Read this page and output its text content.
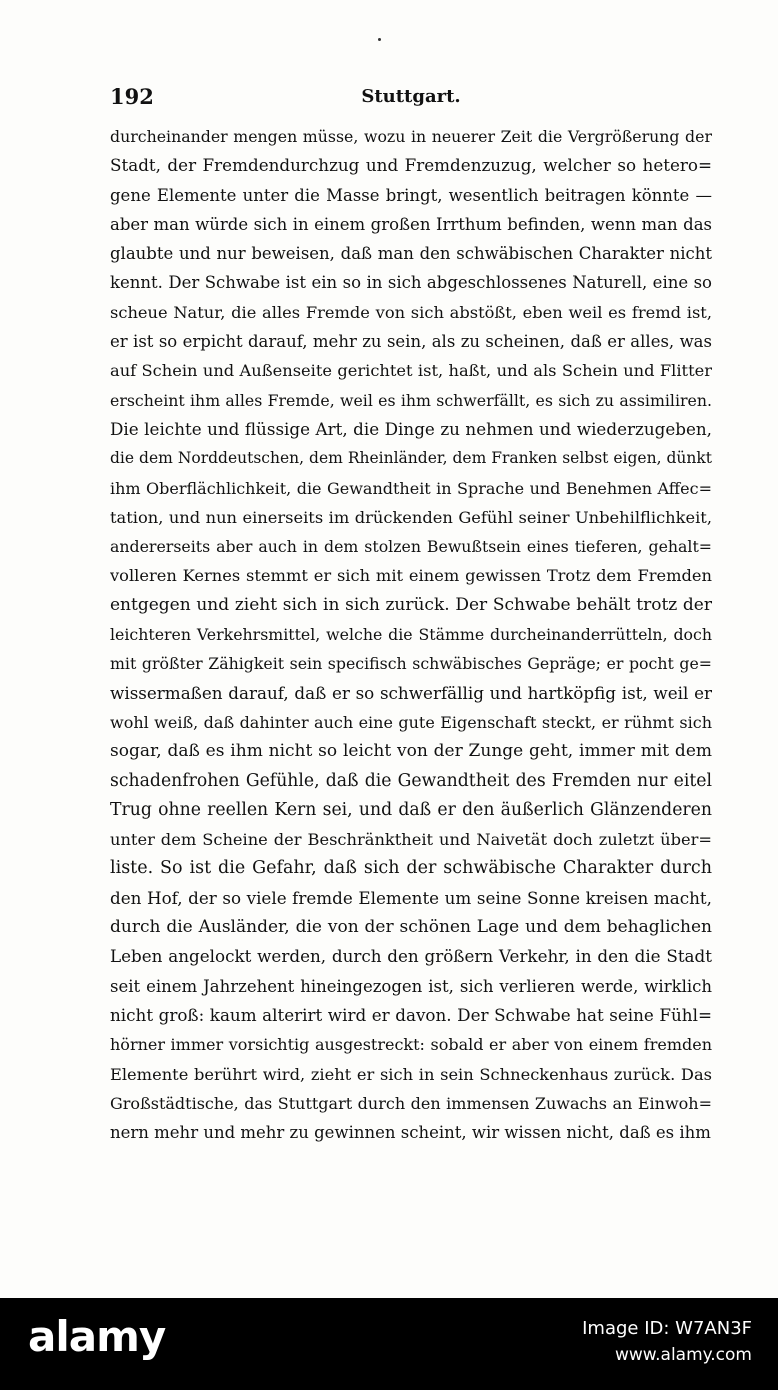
192	Stuttgart.
durcheinander mengen müsse, wozu in neuerer Zeit die Vergrößerung der
Stadt, der Fremdendurchzug und Fremdenzuzug, welcher so hetero=
gene Elemente unter die Masse bringt, wesentlich beitragen könnte —
aber man würde sich in einem großen Irrthum befinden, wenn man das
glaubte und nur beweisen, daß man den schwäbischen Charakter nicht
kennt. Der Schwabe ist ein so in sich abgeschlossenes Naturell, eine so
scheue Natur, die alles Fremde von sich abstößt, eben weil es fremd ist,
er ist so erpicht darauf, mehr zu sein, als zu scheinen, daß er alles, was
auf Schein und Außenseite gerichtet ist, haßt, und als Schein und Flitter
erscheint ihm alles Fremde, weil es ihm schwerfällt, es sich zu assimiliren.
Die leichte und flüssige Art, die Dinge zu nehmen und wiederzugeben,
die dem Norddeutschen, dem Rheinländer, dem Franken selbst eigen, dünkt
ihm Oberflächlichkeit, die Gewandtheit in Sprache und Benehmen Affec=
tation, und nun einerseits im drückenden Gefühl seiner Unbehilflichkeit,
andererseits aber auch in dem stolzen Bewußtsein eines tieferen, gehalt=
volleren Kernes stemmt er sich mit einem gewissen Trotz dem Fremden
entgegen und zieht sich in sich zurück. Der Schwabe behält trotz der
leichteren Verkehrsmittel, welche die Stämme durcheinanderrütteln, doch
mit größter Zähigkeit sein specifisch schwäbisches Gepräge; er pocht ge=
wissermaßen darauf, daß er so schwerfällig und hartköpfig ist, weil er
wohl weiß, daß dahinter auch eine gute Eigenschaft steckt, er rühmt sich
sogar, daß es ihm nicht so leicht von der Zunge geht, immer mit dem
schadenfrohen Gefühle, daß die Gewandtheit des Fremden nur eitel
Trug ohne reellen Kern sei, und daß er den äußerlich Glänzenderen
unter dem Scheine der Beschränktheit und Naivetät doch zuletzt über=
liste. So ist die Gefahr, daß sich der schwäbische Charakter durch
den Hof, der so viele fremde Elemente um seine Sonne kreisen macht,
durch die Ausländer, die von der schönen Lage und dem behaglichen
Leben angelockt werden, durch den größern Verkehr, in den die Stadt
seit einem Jahrzehent hineingezogen ist, sich verlieren werde, wirklich
nicht groß: kaum alterirt wird er davon. Der Schwabe hat seine Fühl=
hörner immer vorsichtig ausgestreckt: sobald er aber von einem fremden
Elemente berührt wird, zieht er sich in sein Schneckenhaus zurück. Das
Großstädtische, das Stuttgart durch den immensen Zuwachs an Einwoh=
nern mehr und mehr zu gewinnen scheint, wir wissen nicht, daß es ihm
alamy	Image ID: W7AN3F
www.alamy.com
